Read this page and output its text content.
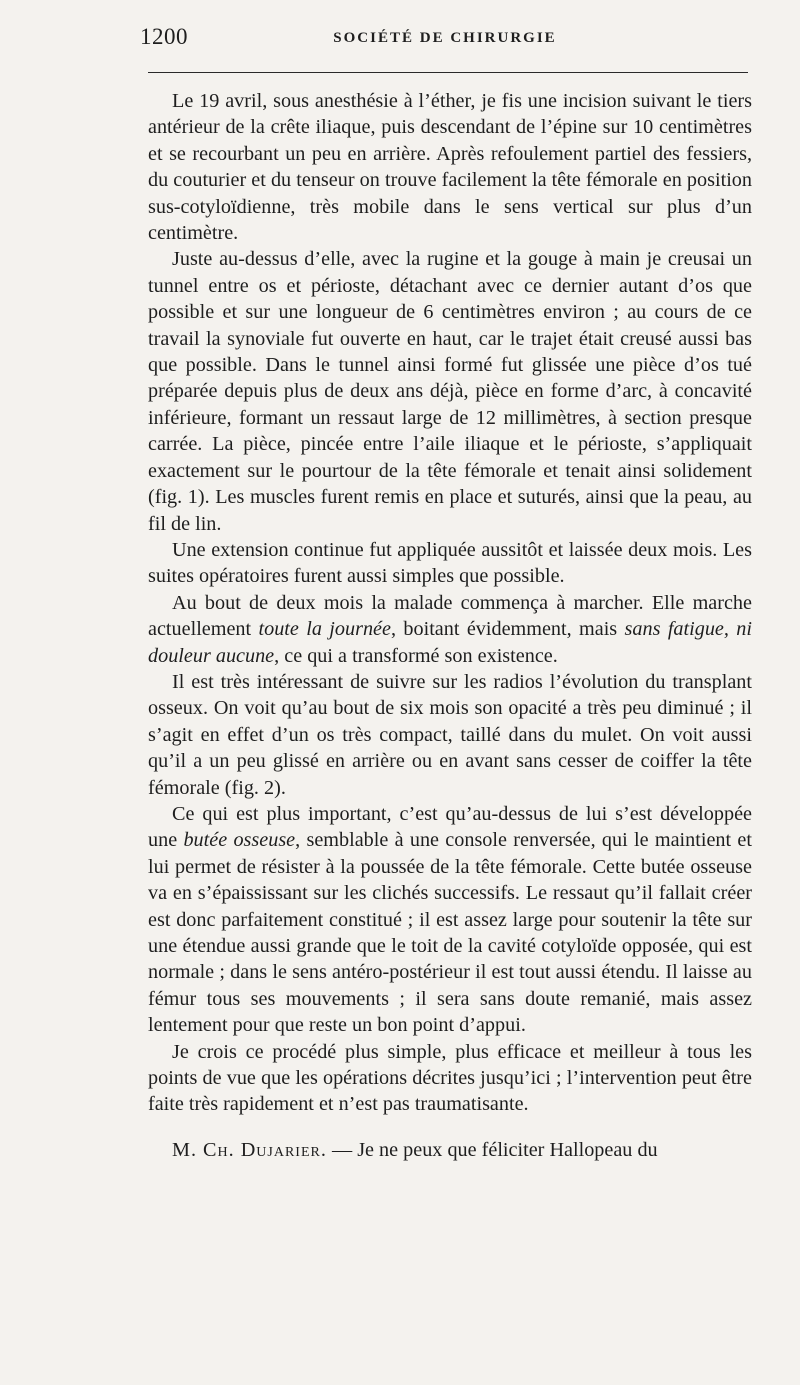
1200	SOCIÉTÉ DE CHIRURGIE

Le 19 avril, sous anesthésie à l’éther, je fis une incision suivant le tiers antérieur de la crête iliaque, puis descendant de l’épine sur 10 centimètres et se recourbant un peu en arrière. Après refoulement partiel des fessiers, du couturier et du tenseur on trouve facilement la tête fémorale en position sus-cotyloïdienne, très mobile dans le sens vertical sur plus d’un centimètre.

Juste au-dessus d’elle, avec la rugine et la gouge à main je creusai un tunnel entre os et périoste, détachant avec ce dernier autant d’os que possible et sur une longueur de 6 centimètres environ ; au cours de ce travail la synoviale fut ouverte en haut, car le trajet était creusé aussi bas que possible. Dans le tunnel ainsi formé fut glissée une pièce d’os tué préparée depuis plus de deux ans déjà, pièce en forme d’arc, à concavité inférieure, formant un ressaut large de 12 millimètres, à section presque carrée. La pièce, pincée entre l’aile iliaque et le périoste, s’appliquait exactement sur le pourtour de la tête fémorale et tenait ainsi solidement (fig. 1). Les muscles furent remis en place et suturés, ainsi que la peau, au fil de lin.

Une extension continue fut appliquée aussitôt et laissée deux mois. Les suites opératoires furent aussi simples que possible.

Au bout de deux mois la malade commença à marcher. Elle marche actuellement toute la journée, boitant évidemment, mais sans fatigue, ni douleur aucune, ce qui a transformé son existence.

Il est très intéressant de suivre sur les radios l’évolution du transplant osseux. On voit qu’au bout de six mois son opacité a très peu diminué ; il s’agit en effet d’un os très compact, taillé dans du mulet. On voit aussi qu’il a un peu glissé en arrière ou en avant sans cesser de coiffer la tête fémorale (fig. 2).

Ce qui est plus important, c’est qu’au-dessus de lui s’est développée une butée osseuse, semblable à une console renversée, qui le maintient et lui permet de résister à la poussée de la tête fémorale. Cette butée osseuse va en s’épaississant sur les clichés successifs. Le ressaut qu’il fallait créer est donc parfaitement constitué ; il est assez large pour soutenir la tête sur une étendue aussi grande que le toit de la cavité cotyloïde opposée, qui est normale ; dans le sens antéro-postérieur il est tout aussi étendu. Il laisse au fémur tous ses mouvements ; il sera sans doute remanié, mais assez lentement pour que reste un bon point d’appui.

Je crois ce procédé plus simple, plus efficace et meilleur à tous les points de vue que les opérations décrites jusqu’ici ; l’intervention peut être faite très rapidement et n’est pas traumatisante.

M. Ch. Dujarier. — Je ne peux que féliciter Hallopeau du
